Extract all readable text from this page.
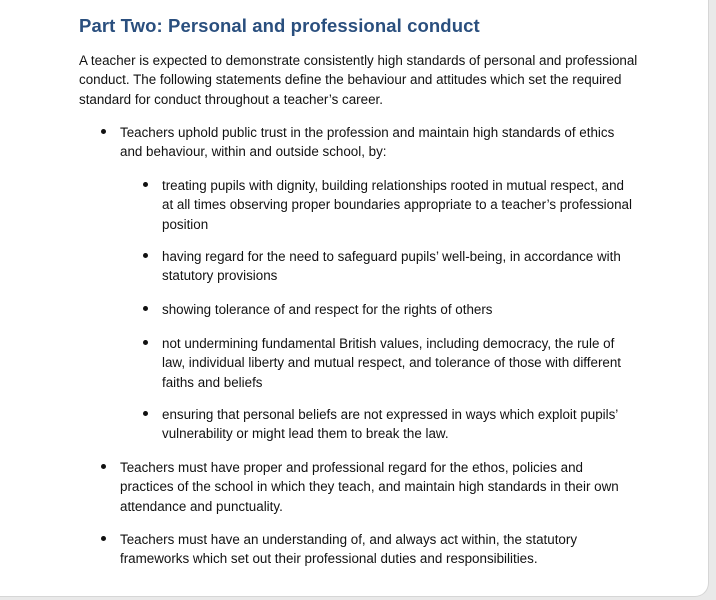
Part Two: Personal and professional conduct

A teacher is expected to demonstrate consistently high standards of personal and professional conduct. The following statements define the behaviour and attitudes which set the required standard for conduct throughout a teacher’s career.

Teachers uphold public trust in the profession and maintain high standards of ethics and behaviour, within and outside school, by:
treating pupils with dignity, building relationships rooted in mutual respect, and at all times observing proper boundaries appropriate to a teacher’s professional position
having regard for the need to safeguard pupils’ well-being, in accordance with statutory provisions
showing tolerance of and respect for the rights of others
not undermining fundamental British values, including democracy, the rule of law, individual liberty and mutual respect, and tolerance of those with different faiths and beliefs
ensuring that personal beliefs are not expressed in ways which exploit pupils’ vulnerability or might lead them to break the law.
Teachers must have proper and professional regard for the ethos, policies and practices of the school in which they teach, and maintain high standards in their own attendance and punctuality.
Teachers must have an understanding of, and always act within, the statutory frameworks which set out their professional duties and responsibilities.
